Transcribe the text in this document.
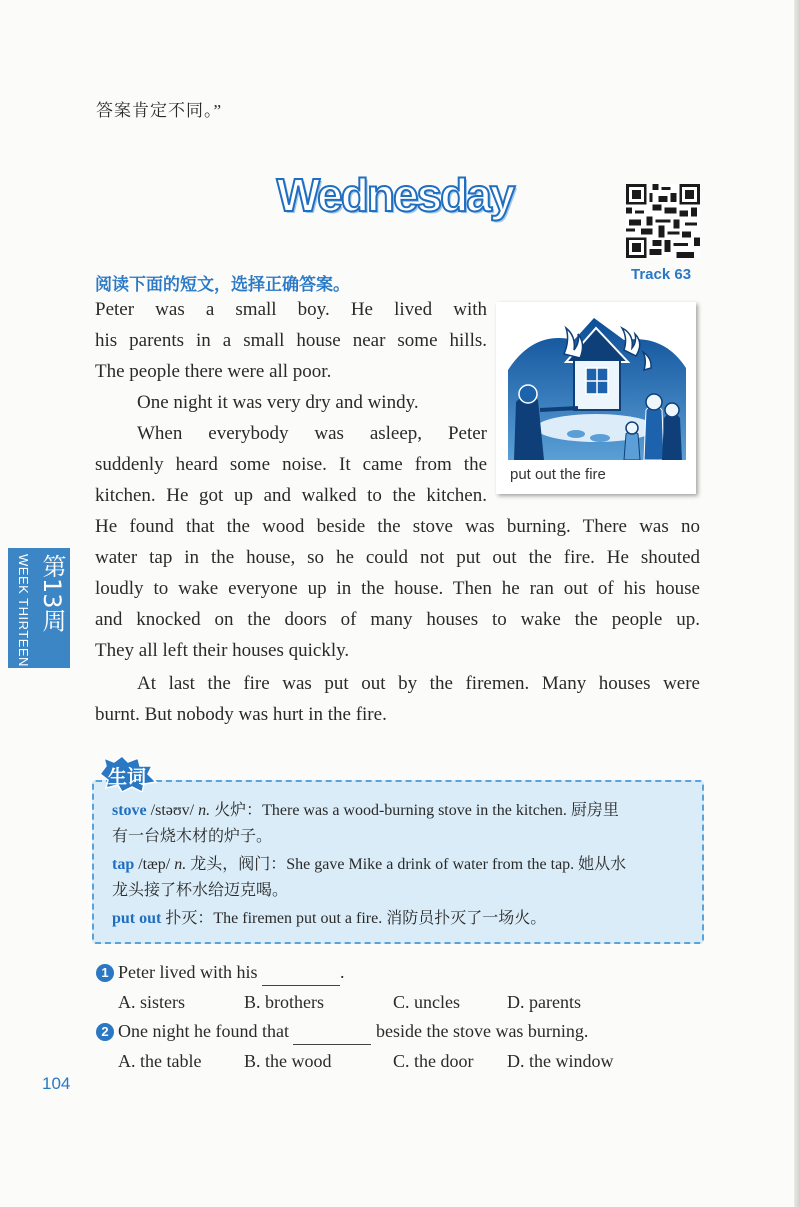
答案肯定不同。”
Wednesday
Track 63
阅读下面的短文，选择正确答案。
Peter was a small boy. He lived with
his parents in a small house near some hills.
The people there were all poor.
One night it was very dry and windy.
When everybody was asleep, Peter
suddenly heard some noise. It came from the
kitchen. He got up and walked to the kitchen.
He found that the wood beside the stove was burning. There was no
water tap in the house, so he could not put out the fire. He shouted
loudly to wake everyone up in the house. Then he ran out of his house
and knocked on the doors of many houses to wake the people up.
They all left their houses quickly.
At last the fire was put out by the firemen. Many houses were
burnt. But nobody was hurt in the fire.
put out the fire
WEEK THIRTEEN 第13周
生词
stove /stəʊv/ n. 火炉：There was a wood-burning stove in the kitchen. 厨房里
有一台烧木材的炉子。
tap /tæp/ n. 龙头，阀门：She gave Mike a drink of water from the tap. 她从水
龙头接了杯水给迈克喝。
put out 扑灭：The firemen put out a fire. 消防员扑灭了一场火。
1 Peter lived with his	.
A. sisters	B. brothers	C. uncles	D. parents
2 One night he found that	beside the stove was burning.
A. the table B. the wood	C. the door D. the window
104
